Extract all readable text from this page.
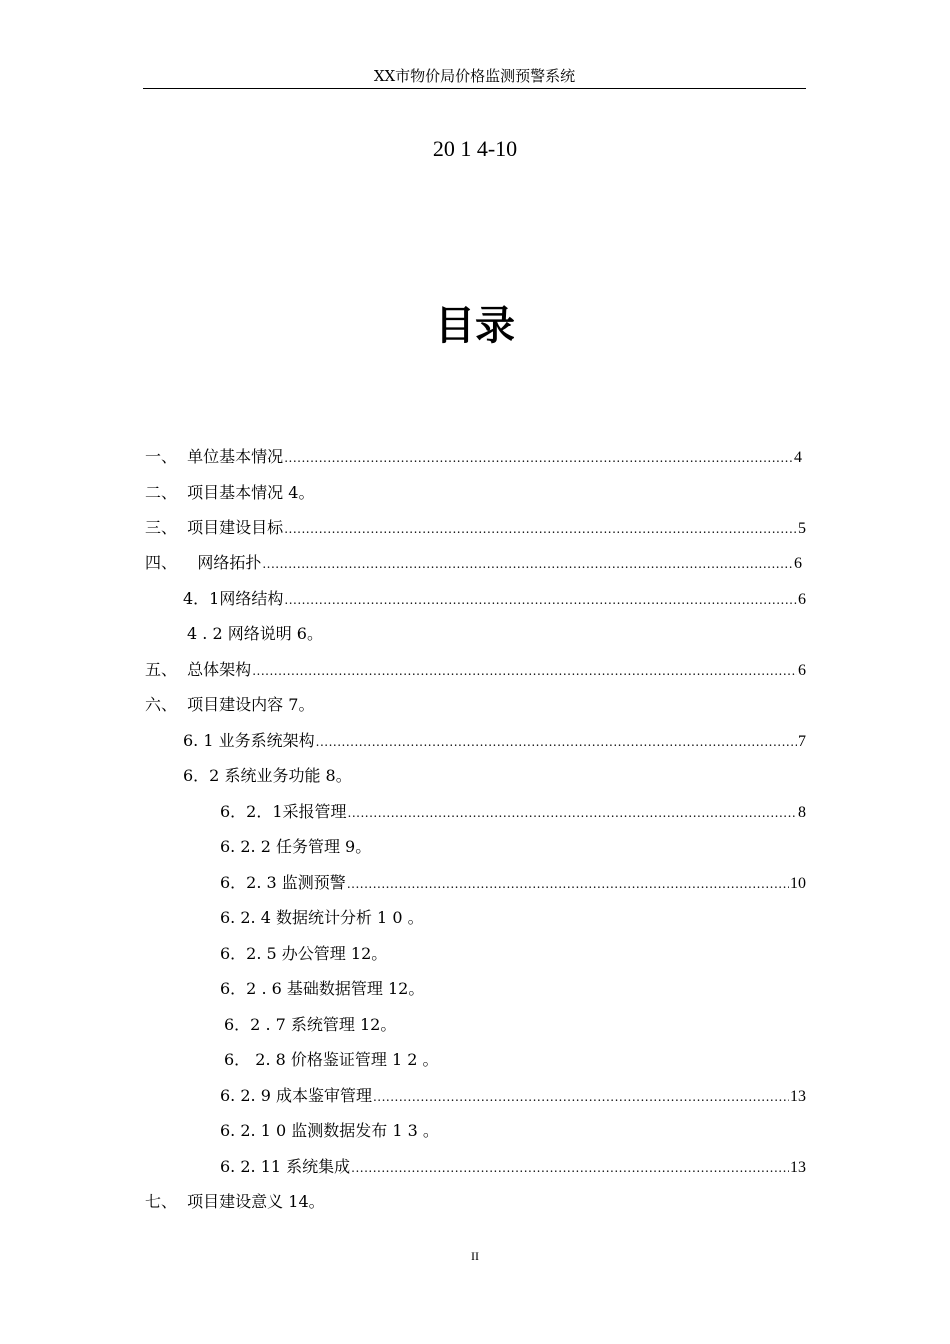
XX市物价局价格监测预警系统
20 1 4-10
目录
一、  单位基本情况 .....	4
二、  项目基本情况 4。
三、  项目建设目标 .....	5
四、    网络拓扑 .....	6
4．1网络结构 .....	6
4 . 2 网络说明 6。
五、  总体架构 .....	6
六、  项目建设内容 7。
6. 1 业务系统架构 .....	7
6．2 系统业务功能 8。
6．2．1采报管理 .....	8
6. 2. 2 任务管理 9。
6．2. 3 监测预警 .....	10
6. 2. 4 数据统计分析 1 0 。
6．2. 5 办公管理 12。
6．2 . 6 基础数据管理 12。
6．2 . 7 系统管理 12。
6． 2. 8 价格鉴证管理 1 2 。
6. 2. 9 成本鉴审管理 .....	13
6. 2. 1 0 监测数据发布 1 3 。
6. 2. 11 系统集成 .....	13
七、  项目建设意义 14。
II
